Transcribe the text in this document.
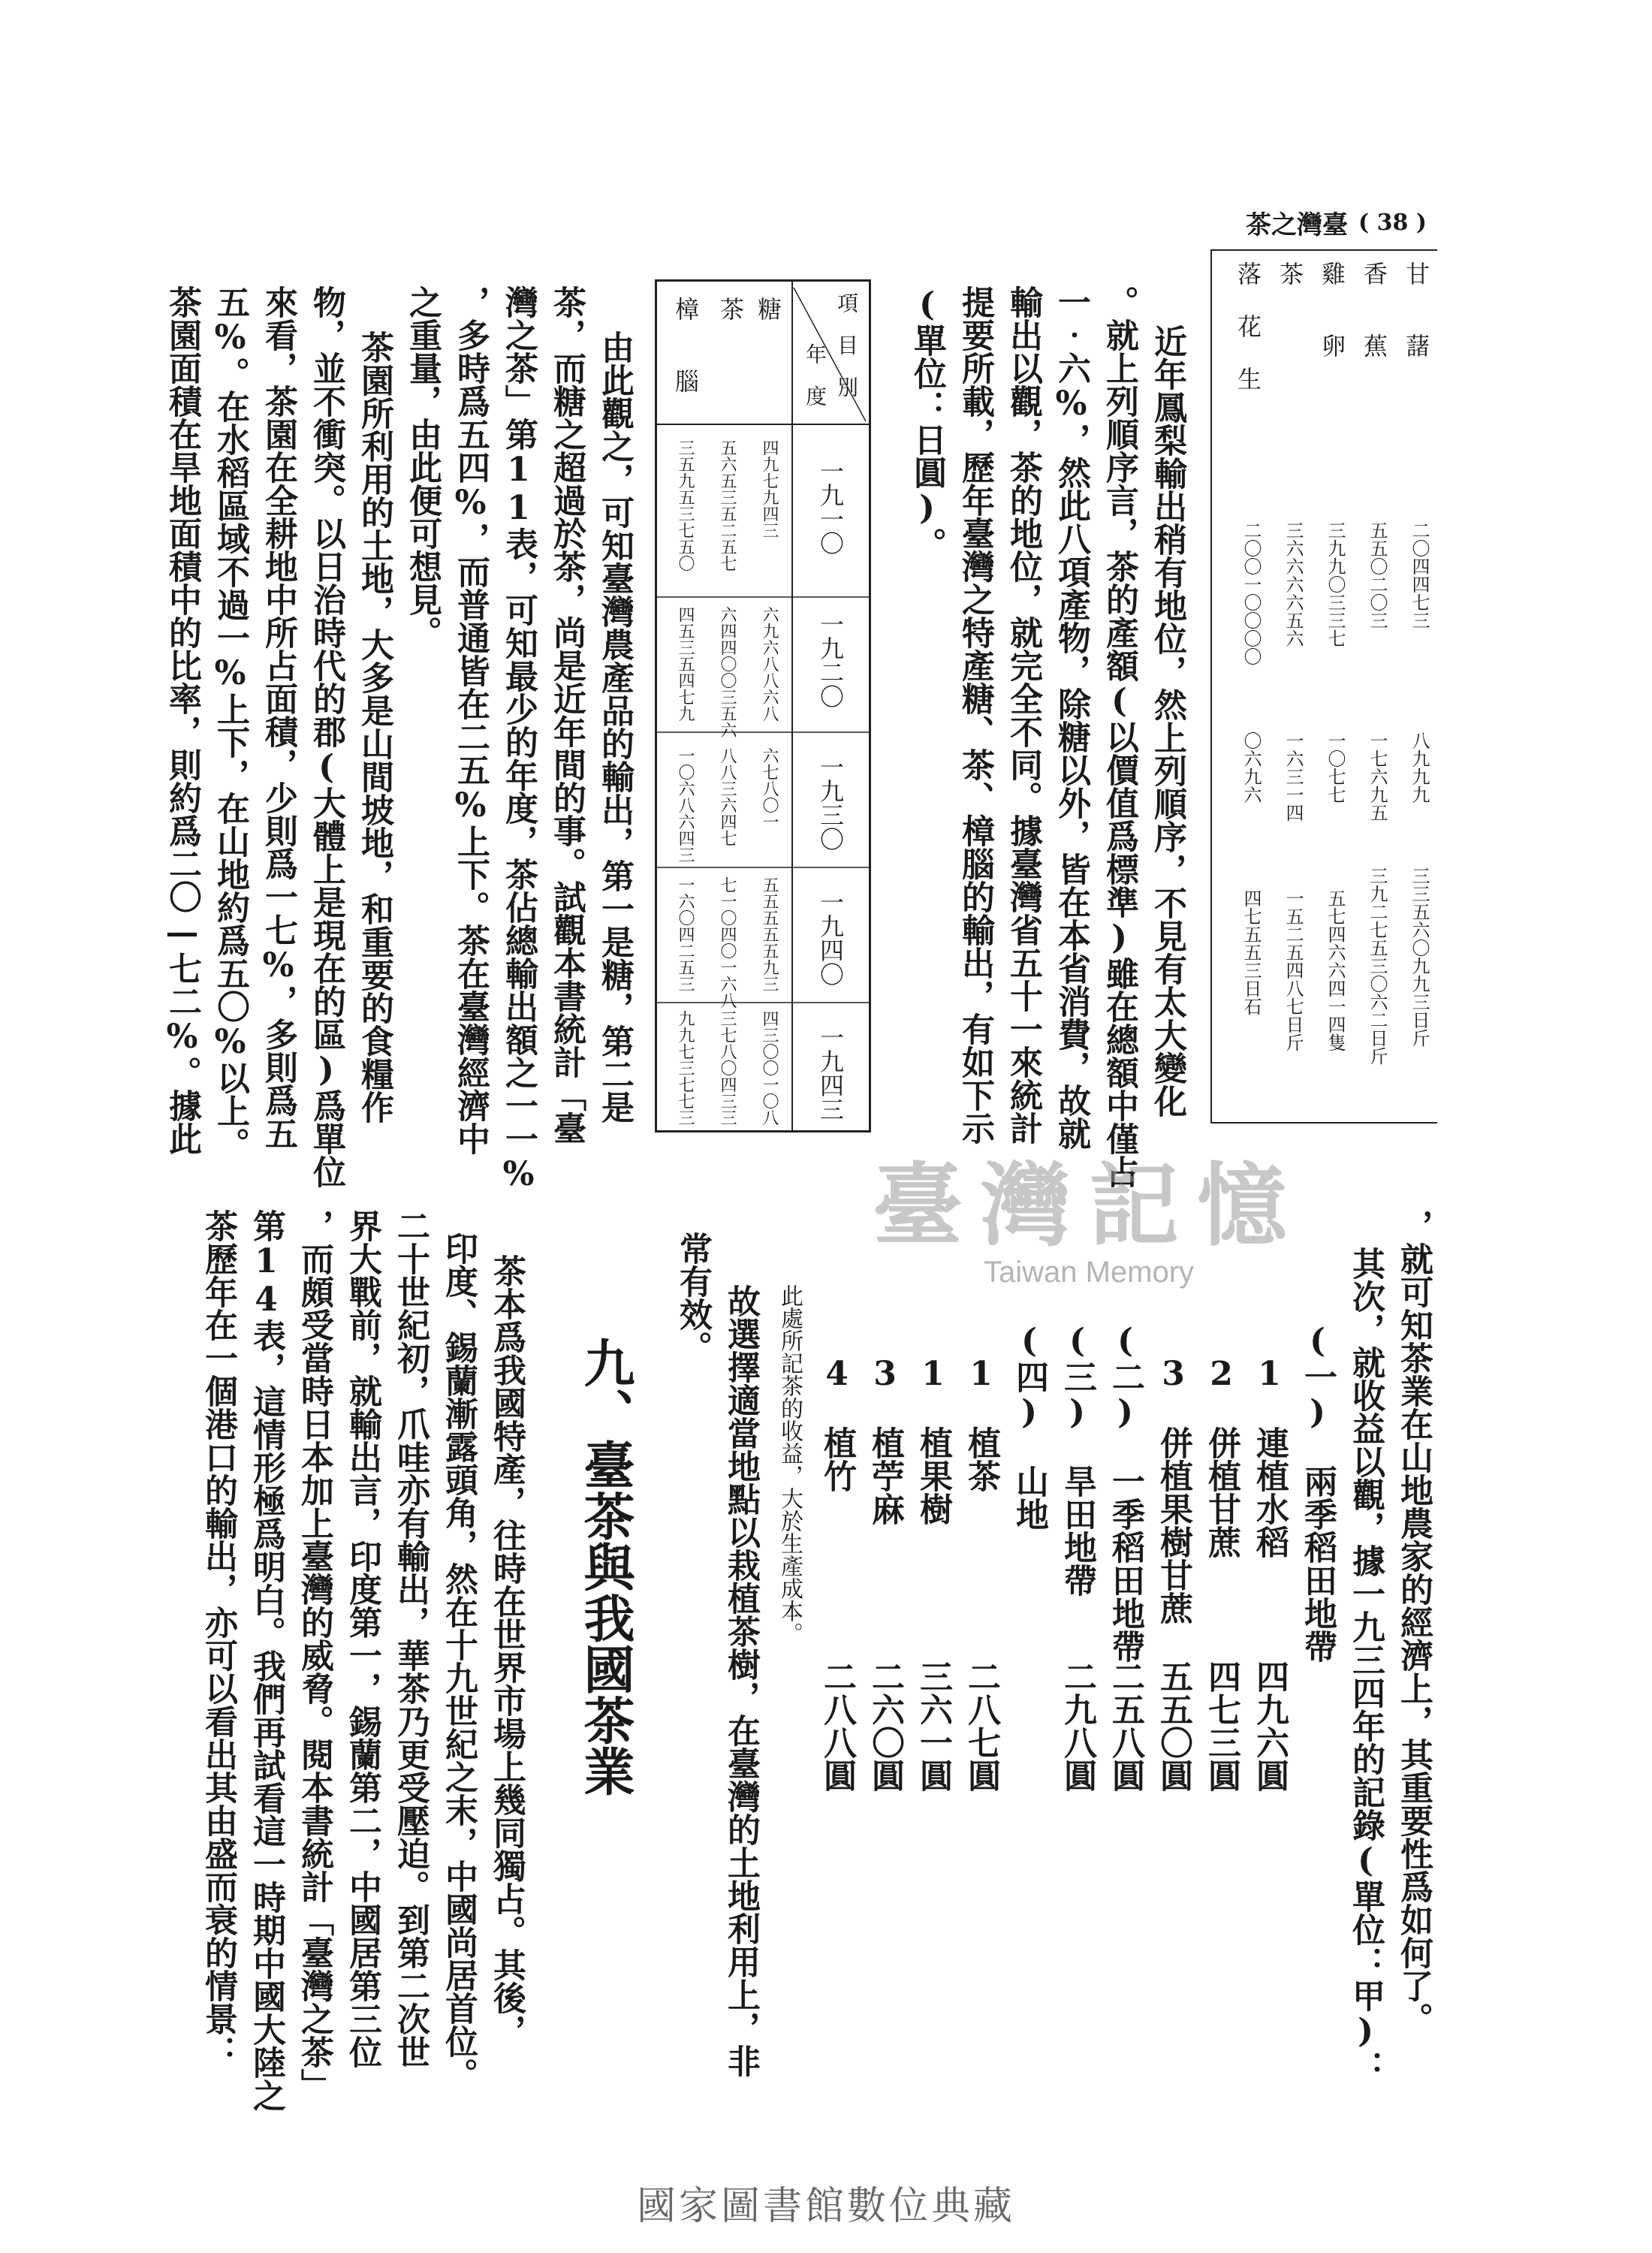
茶之灣臺 ( 38 )
甘　　藷
香　　蕉
雞　　卵
茶
落 花 生
二〇四四七三
五五〇二〇三
三九九〇三三七
三六六六六五六
二〇〇一〇〇〇〇
八九九九
一七六九五
一〇七七
一六三一四
〇六九六
三三五六〇九九三日斤
三九二七五三〇六二日斤
五七四六六四一四隻
一五二五四八七日斤
四七五五三日石
近年鳳梨輸出稍有地位，然上列順序，不見有太大變化
。就上列順序言，茶的產額(以價值爲標準)雖在總額中僅占
一‧六%，然此八項產物，除糖以外，皆在本省消費，故就
輸出以觀，茶的地位，就完全不同。據臺灣省五十一來統計
提要所載，歷年臺灣之特產糖、茶、樟腦的輸出，有如下示
(單位：日圓)。
年　度 項　目　別
一九一〇
一九二〇
一九三〇
一九四〇
一九四三
糖
茶
樟　　腦
四九七九四三
六九六八八六八
六七八〇一
五五五五五九三
四三〇〇一〇八
五六五三五二五七
六四四〇〇三五六
八八三六四七
七一〇四〇一六八
三七八〇四三三
三五九五三七五〇
四五三五四七九
一〇六八六四三
一六〇四二五三
九九七三七七三
由此觀之，可知臺灣農產品的輸出，第一是糖，第二是
茶，而糖之超過於茶，尚是近年間的事。試觀本書統計「臺
灣之茶」第11表，可知最少的年度，茶佔總輸出額之一一%
，多時爲五四%，而普通皆在二五%上下。茶在臺灣經濟中
之重量，由此便可想見。
茶園所利用的土地，大多是山間坡地，和重要的食糧作
物，並不衝突。以日治時代的郡(大體上是現在的區)爲單位
來看，茶園在全耕地中所占面積，少則爲一七%，多則爲五
五%。在水稻區域不過一%上下，在山地約爲五〇%以上。
茶園面積在旱地面積中的比率，則約爲二〇—七二%。據此
臺灣記憶
Taiwan Memory	，就可知茶業在山地農家的經濟上，其重要性爲如何了。
其次，就收益以觀，據一九三四年的記錄(單位：甲)：
(一)　兩季稻田地帶
　1　連植水稻
　2　併植甘蔗
　3　併植果樹甘蔗
(二)　一季稻田地帶
(三)　旱田地帶
(四)　山地
　1　植茶
　1　植果樹
　3　植苧麻
　4　植竹
四九六圓
四七三圓
五五〇圓
二五八圓
二九八圓
二八七圓
三六一圓
二六〇圓
二八八圓
此處所記茶的收益，大於生產成本。
故選擇適當地點以栽植茶樹，在臺灣的土地利用上，非
常有效。
九、臺茶與我國茶業
茶本爲我國特產，往時在世界市場上幾同獨占。其後，
印度、錫蘭漸露頭角，然在十九世紀之末，中國尚居首位。
二十世紀初，爪哇亦有輸出，華茶乃更受壓迫。到第二次世
界大戰前，就輸出言，印度第一，錫蘭第二，中國居第三位
，而頗受當時日本加上臺灣的威脅。閱本書統計「臺灣之茶」
第14表，這情形極爲明白。我們再試看這一時期中國大陸之
茶歷年在一個港口的輸出，亦可以看出其由盛而衰的情景：
國家圖書館數位典藏
